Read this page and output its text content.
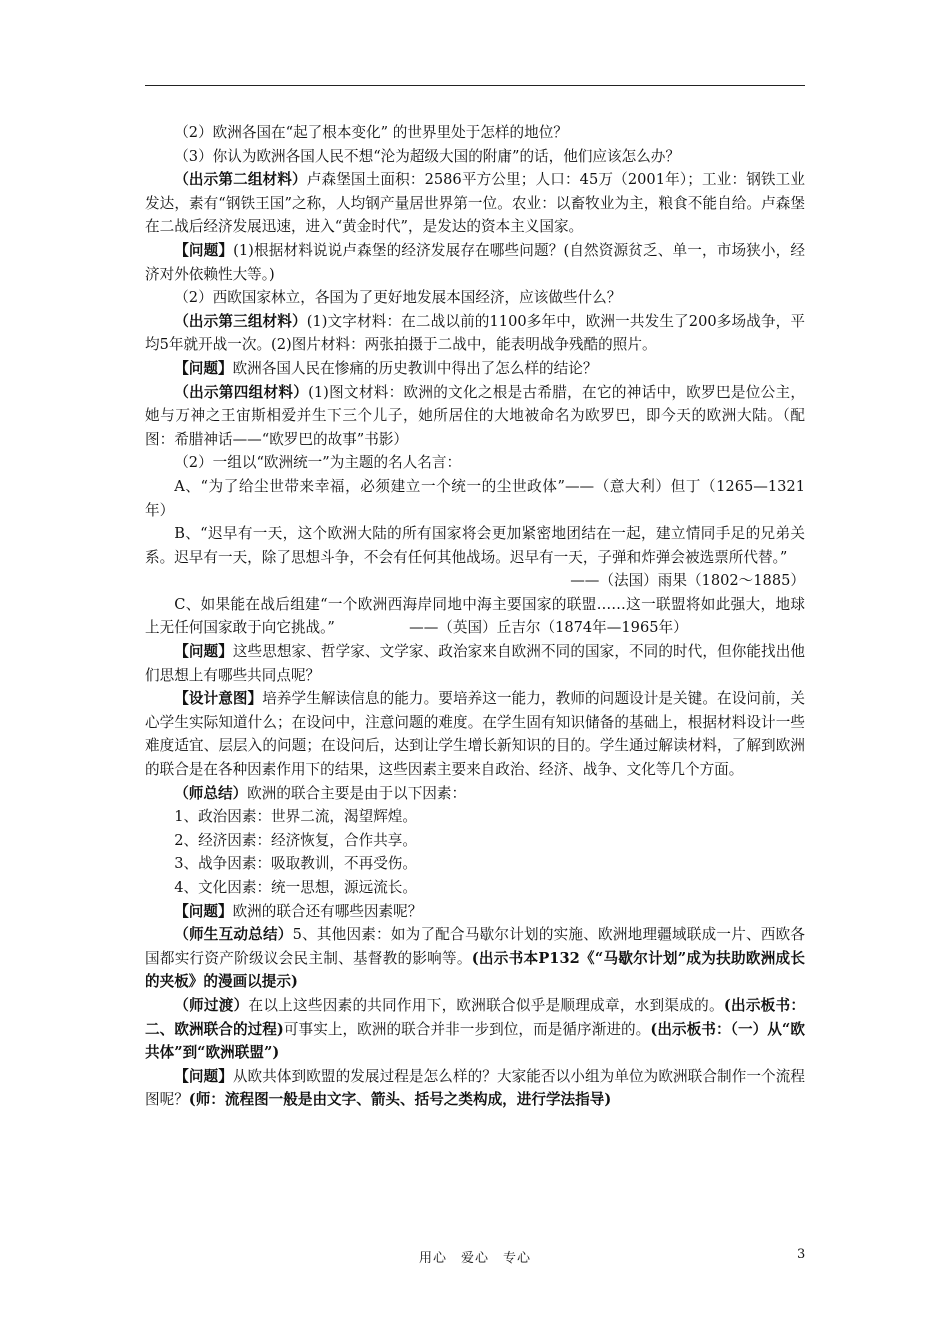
（2）欧洲各国在“起了根本变化” 的世界里处于怎样的地位？

（3）你认为欧洲各国人民不想“沦为超级大国的附庸”的话，他们应该怎么办？

（出示第二组材料）卢森堡国土面积：2586平方公里；人口：45万（2001年）；工业：钢铁工业发达，素有“钢铁王国”之称，人均钢产量居世界第一位。农业：以畜牧业为主，粮食不能自给。卢森堡在二战后经济发展迅速，进入“黄金时代”，是发达的资本主义国家。

【问题】(1)根据材料说说卢森堡的经济发展存在哪些问题？(自然资源贫乏、单一，市场狭小，经济对外依赖性大等。)

（2）西欧国家林立，各国为了更好地发展本国经济，应该做些什么？

（出示第三组材料）(1)文字材料：在二战以前的1100多年中，欧洲一共发生了200多场战争，平均5年就开战一次。(2)图片材料：两张拍摄于二战中，能表明战争残酷的照片。

【问题】欧洲各国人民在惨痛的历史教训中得出了怎么样的结论？

（出示第四组材料）(1)图文材料：欧洲的文化之根是古希腊，在它的神话中，欧罗巴是位公主，她与万神之王宙斯相爱并生下三个儿子，她所居住的大地被命名为欧罗巴，即今天的欧洲大陆。（配图：希腊神话——“欧罗巴的故事”书影）

（2）一组以“欧洲统一”为主题的名人名言：

A、“为了给尘世带来幸福，必须建立一个统一的尘世政体”——（意大利）但丁（1265—1321年）

B、“迟早有一天，这个欧洲大陆的所有国家将会更加紧密地团结在一起，建立情同手足的兄弟关系。迟早有一天，除了思想斗争，不会有任何其他战场。迟早有一天，子弹和炸弹会被选票所代替。”

——（法国）雨果（1802～1885）

C、如果能在战后组建“一个欧洲西海岸同地中海主要国家的联盟……这一联盟将如此强大，地球上无任何国家敢于向它挑战。”                ——（英国）丘吉尔（1874年—1965年）

【问题】这些思想家、哲学家、文学家、政治家来自欧洲不同的国家，不同的时代，但你能找出他们思想上有哪些共同点呢？

【设计意图】培养学生解读信息的能力。要培养这一能力，教师的问题设计是关键。在设问前，关心学生实际知道什么；在设问中，注意问题的难度。在学生固有知识储备的基础上，根据材料设计一些难度适宜、层层入的问题；在设问后，达到让学生增长新知识的目的。学生通过解读材料，了解到欧洲的联合是在各种因素作用下的结果，这些因素主要来自政治、经济、战争、文化等几个方面。

（师总结）欧洲的联合主要是由于以下因素：

1、政治因素：世界二流，渴望辉煌。

2、经济因素：经济恢复，合作共享。

3、战争因素：吸取教训，不再受伤。

4、文化因素：统一思想，源远流长。

【问题】欧洲的联合还有哪些因素呢？

（师生互动总结）5、其他因素：如为了配合马歇尔计划的实施、欧洲地理疆域联成一片、西欧各国都实行资产阶级议会民主制、基督教的影响等。(出示书本P132《“马歇尔计划”成为扶助欧洲成长的夹板》的漫画以提示)

（师过渡）在以上这些因素的共同作用下，欧洲联合似乎是顺理成章，水到渠成的。(出示板书：二、欧洲联合的过程)可事实上，欧洲的联合并非一步到位，而是循序渐进的。(出示板书：（一）从“欧共体”到“欧洲联盟”)

【问题】从欧共体到欧盟的发展过程是怎么样的？大家能否以小组为单位为欧洲联合制作一个流程图呢？(师：流程图一般是由文字、箭头、括号之类构成，进行学法指导)

用心　爱心　专心	3
